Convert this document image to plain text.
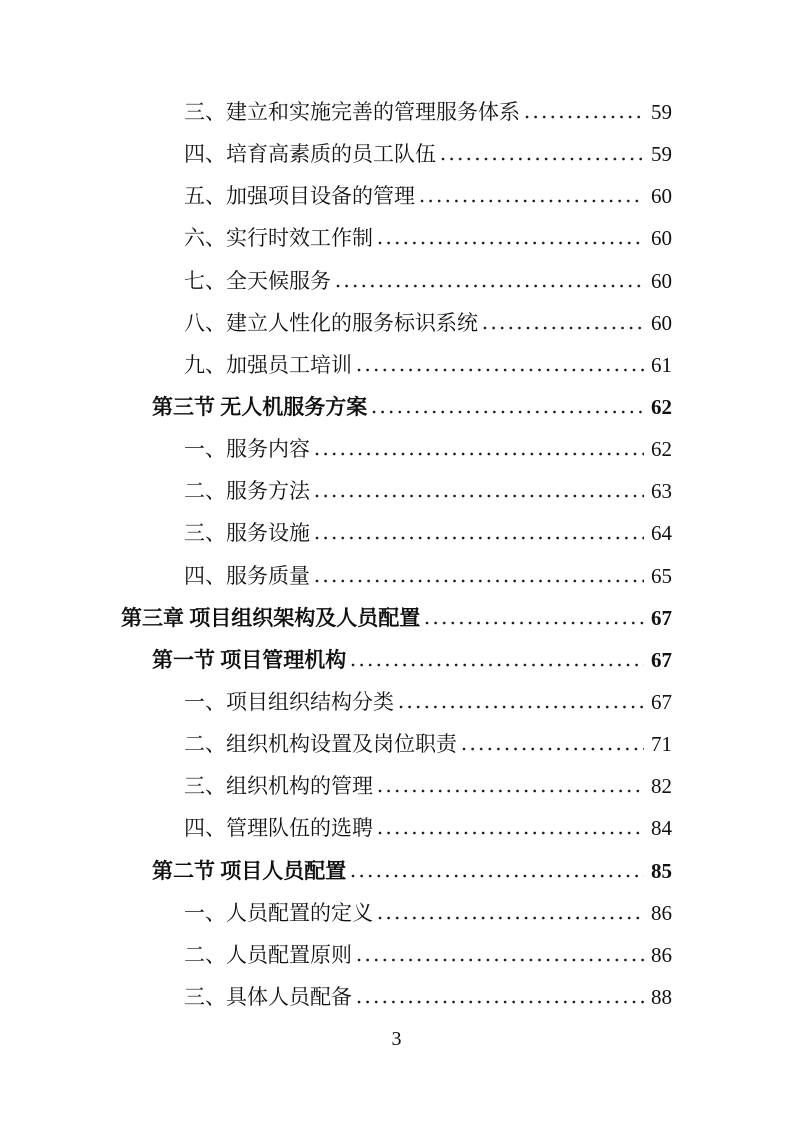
三、建立和实施完善的管理服务体系	59
四、培育高素质的员工队伍	59
五、加强项目设备的管理	60
六、实行时效工作制	60
七、全天候服务	60
八、建立人性化的服务标识系统	60
九、加强员工培训	61
第三节 无人机服务方案	62
一、服务内容	62
二、服务方法	63
三、服务设施	64
四、服务质量	65
第三章 项目组织架构及人员配置	67
第一节 项目管理机构	67
一、项目组织结构分类	67
二、组织机构设置及岗位职责	71
三、组织机构的管理	82
四、管理队伍的选聘	84
第二节 项目人员配置	85
一、人员配置的定义	86
二、人员配置原则	86
三、具体人员配备	88
3
